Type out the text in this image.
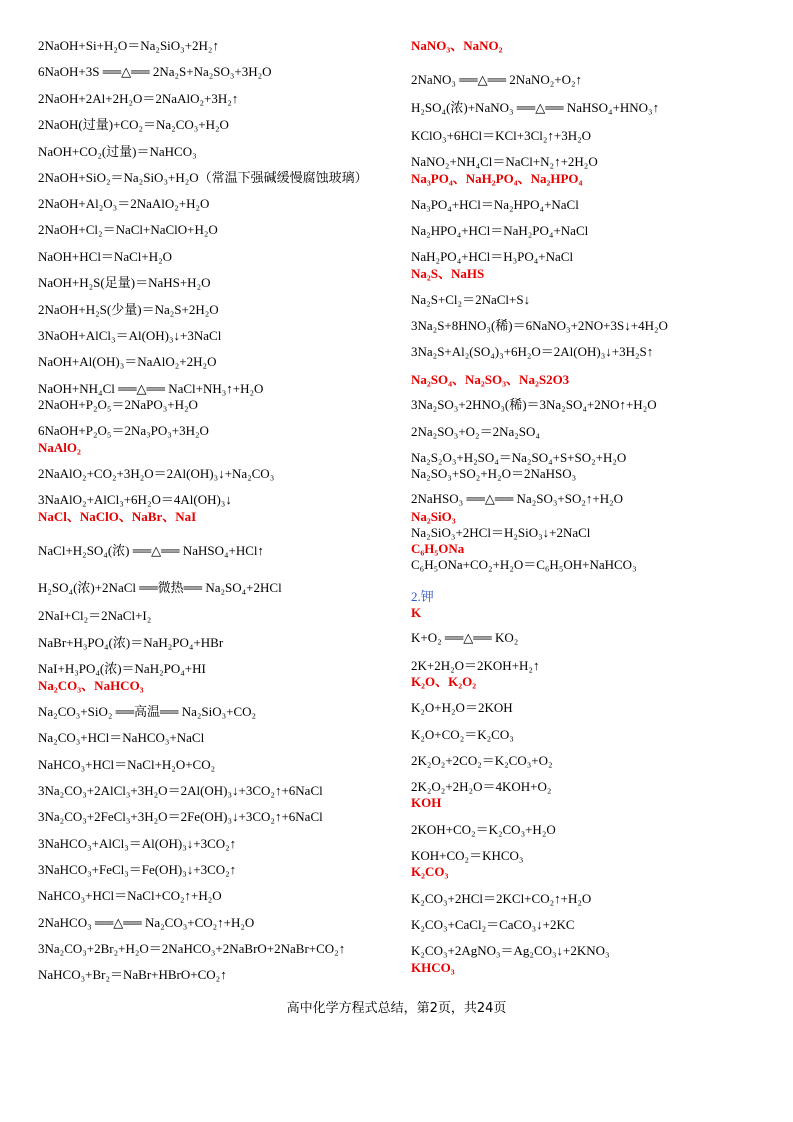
2NaOH+Si+H₂O＝Na₂SiO₃+2H₂↑
6NaOH+3S ══△══ 2Na₂S+Na₂SO₃+3H₂O
2NaOH+2Al+2H₂O＝2NaAlO₂+3H₂↑
2NaOH(过量)+CO₂＝Na₂CO₃+H₂O
NaOH+CO₂(过量)＝NaHCO₃
2NaOH+SiO₂＝Na₂SiO₃+H₂O（常温下强碱缓慢腐蚀玻璃）
2NaOH+Al₂O₃＝2NaAlO₂+H₂O
2NaOH+Cl₂＝NaCl+NaClO+H₂O
NaOH+HCl＝NaCl+H₂O
NaOH+H₂S(足量)＝NaHS+H₂O
2NaOH+H₂S(少量)＝Na₂S+2H₂O
3NaOH+AlCl₃＝Al(OH)₃↓+3NaCl
NaOH+Al(OH)₃＝NaAlO₂+2H₂O
NaOH+NH₄Cl ══△══ NaCl+NH₃↑+H₂O
2NaOH+P₂O₅＝2NaPO₃+H₂O
6NaOH+P₂O₅＝2Na₃PO₃+3H₂O
NaAlO₂
2NaAlO₂+CO₂+3H₂O＝2Al(OH)₃↓+Na₂CO₃
3NaAlO₂+AlCl₃+6H₂O＝4Al(OH)₃↓
NaCl、NaClO、NaBr、NaI
NaCl+H₂SO₄(浓) ══△══ NaHSO₄+HCl↑
H₂SO₄(浓)+2NaCl ══微热══ Na₂SO₄+2HCl
2NaI+Cl₂＝2NaCl+I₂
NaBr+H₃PO₄(浓)＝NaH₂PO₄+HBr
NaI+H₃PO₄(浓)＝NaH₂PO₄+HI
Na₂CO₃、NaHCO₃
Na₂CO₃+SiO₂ ══高温══ Na₂SiO₃+CO₂
Na₂CO₃+HCl＝NaHCO₃+NaCl
NaHCO₃+HCl＝NaCl+H₂O+CO₂
3Na₂CO₃+2AlCl₃+3H₂O＝2Al(OH)₃↓+3CO₂↑+6NaCl
3Na₂CO₃+2FeCl₃+3H₂O＝2Fe(OH)₃↓+3CO₂↑+6NaCl
3NaHCO₃+AlCl₃＝Al(OH)₃↓+3CO₂↑
3NaHCO₃+FeCl₃＝Fe(OH)₃↓+3CO₂↑
NaHCO₃+HCl＝NaCl+CO₂↑+H₂O
2NaHCO₃ ══△══ Na₂CO₃+CO₂↑+H₂O
3Na₂CO₃+2Br₂+H₂O＝2NaHCO₃+2NaBrO+2NaBr+CO₂↑
NaHCO₃+Br₂＝NaBr+HBrO+CO₂↑
NaNO₃、NaNO₂
2NaNO₃ ══△══ 2NaNO₂+O₂↑
H₂SO₄(浓)+NaNO₃ ══△══ NaHSO₄+HNO₃↑
KClO₃+6HCl＝KCl+3Cl₂↑+3H₂O
NaNO₂+NH₄Cl＝NaCl+N₂↑+2H₂O
Na₃PO₄、NaH₂PO₄、Na₂HPO₄
Na₃PO₄+HCl＝Na₂HPO₄+NaCl
Na₂HPO₄+HCl＝NaH₂PO₄+NaCl
NaH₂PO₄+HCl＝H₃PO₄+NaCl
Na₂S、NaHS
Na₂S+Cl₂＝2NaCl+S↓
3Na₂S+8HNO₃(稀)＝6NaNO₃+2NO+3S↓+4H₂O
3Na₂S+Al₂(SO₄)₃+6H₂O＝2Al(OH)₃↓+3H₂S↑
Na₂SO₄、Na₂SO₃、Na₂S2O3
3Na₂SO₃+2HNO₃(稀)＝3Na₂SO₄+2NO↑+H₂O
2Na₂SO₃+O₂＝2Na₂SO₄
Na₂S₂O₃+H₂SO₄＝Na₂SO₄+S+SO₂+H₂O
Na₂SO₃+SO₂+H₂O＝2NaHSO₃
2NaHSO₃ ══△══ Na₂SO₃+SO₂↑+H₂O
Na₂SiO₃
Na₂SiO₃+2HCl＝H₂SiO₃↓+2NaCl
C₆H₅ONa
C₆H₅ONa+CO₂+H₂O＝C₆H₅OH+NaHCO₃
2.钾
K
K+O₂ ══△══ KO₂
2K+2H₂O＝2KOH+H₂↑
K₂O、K₂O₂
K₂O+H₂O＝2KOH
K₂O+CO₂＝K₂CO₃
2K₂O₂+2CO₂＝K₂CO₃+O₂
2K₂O₂+2H₂O＝4KOH+O₂
KOH
2KOH+CO₂＝K₂CO₃+H₂O
KOH+CO₂＝KHCO₃
K₂CO₃
K₂CO₃+2HCl＝2KCl+CO₂↑+H₂O
K₂CO₃+CaCl₂＝CaCO₃↓+2KC
K₂CO₃+2AgNO₃＝Ag₂CO₃↓+2KNO₃
KHCO₃
高中化学方程式总结，第2页，共24页
